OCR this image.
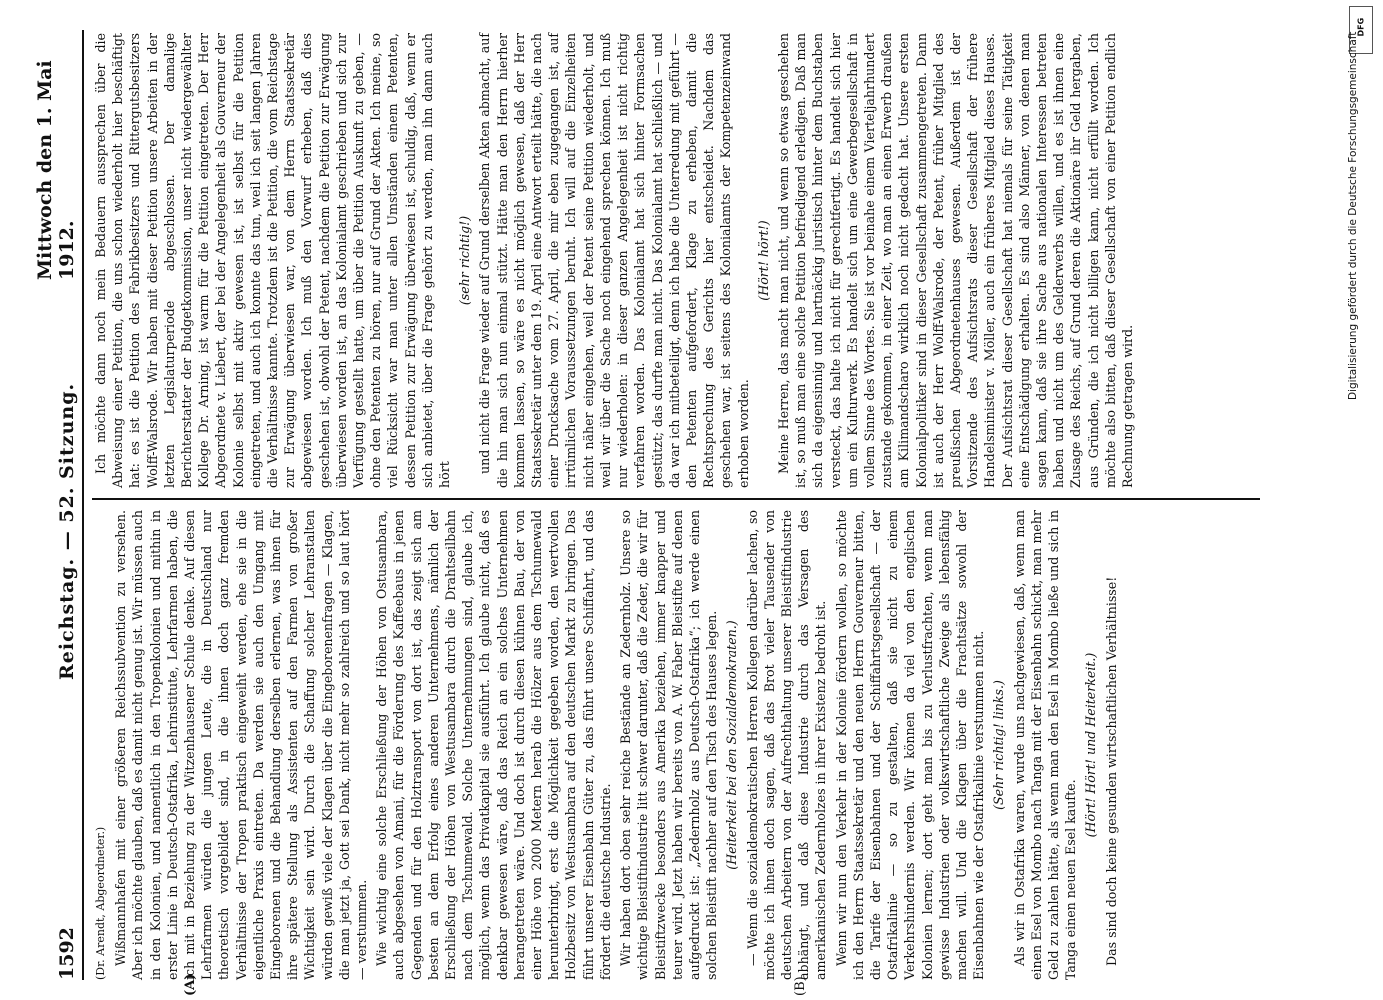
1592
Reichstag. — 52. Sitzung.
Mittwoch den 1. Mai 1912.
(A)	(B)

(Dr. Arendt, Abgeordneter.) Wißmannhafen mit einer größeren Reichssubvention zu versehen. Aber ich möchte glauben, daß es damit nicht genug ist. Wir müssen auch in den Kolonien, und namentlich in den Tropenkolonien und mithin in erster Linie in Deutsch-Ostafrika, Lehrinstitute, Lehrfarmen haben, die ich mit in Beziehung zu der Witzenhausener Schule denke. Auf diesen Lehrfarmen würden die jungen Leute, die in Deutschland nur theoretisch vorgebildet sind, in die ihnen doch ganz fremden Verhältnisse der Tropen praktisch eingeweiht werden, ehe sie in die eigentliche Praxis eintreten. Da werden sie auch den Umgang mit Eingeborenen und die Behandlung derselben erlernen, was ihnen für ihre spätere Stellung als Assistenten auf den Farmen von großer Wichtigkeit sein wird. Durch die Schaffung solcher Lehranstalten würden gewiß viele der Klagen über die Eingeborenenfragen — Klagen, die man jetzt ja, Gott sei Dank, nicht mehr so zahlreich und so laut hört — verstummen. Wie wichtig eine solche Erschließung der Höhen von Ostusambara, auch abgesehen von Amani, für die Förderung des Kaffeebaus in jenen Gegenden und für den Holztransport von dort ist, das zeigt sich am besten an dem Erfolg eines anderen Unternehmens, nämlich der Erschließung der Höhen von Westusambara durch die Drahtseilbahn nach dem Tschumewald. Solche Unternehmungen sind, glaube ich, möglich, wenn das Privatkapital sie ausführt. Ich glaube nicht, daß es denkbar gewesen wäre, daß das Reich an ein solches Unternehmen herangetreten wäre. Und doch ist durch diesen kühnen Bau, der von einer Höhe von 2000 Metern herab die Hölzer aus dem Tschumewald herunterbringt, erst die Möglichkeit gegeben worden, den wertvollen Holzbesitz von Westusambara auf den deutschen Markt zu bringen. Das führt unserer Eisenbahn Güter zu, das führt unsere Schiffahrt, und das fördert die deutsche Industrie. Wir haben dort oben sehr reiche Bestände an Zedernholz. Unsere so wichtige Bleistiftindustrie litt schwer darunter, daß die Zeder, die wir für Bleistiftzwecke besonders aus Amerika beziehen, immer knapper und teurer wird. Jetzt haben wir bereits von A. W. Faber Bleistifte auf denen aufgedruckt ist: „Zedernholz aus Deutsch-Ostafrika“; ich werde einen solchen Bleistift nachher auf den Tisch des Hauses legen. (Heiterkeit bei den Sozialdemokraten.) — Wenn die sozialdemokratischen Herren Kollegen darüber lachen, so möchte ich ihnen doch sagen, daß das Brot vieler Tausender von deutschen Arbeitern von der Aufrechthaltung unserer Bleistiftindustrie abhängt, und daß diese Industrie durch das Versagen des amerikanischen Zedernholzes in ihrer Existenz bedroht ist. Wenn wir nun den Verkehr in der Kolonie fördern wollen, so möchte ich den Herrn Staatssekretär und den neuen Herrn Gouverneur bitten, die Tarife der Eisenbahnen und der Schiffahrtsgesellschaft — der Ostafrikalinie — so zu gestalten, daß sie nicht zu einem Verkehrshindernis werden. Wir können da viel von den englischen Kolonien lernen; dort geht man bis zu Verlustfrachten, wenn man gewisse Industrien oder volkswirtschaftliche Zweige als lebensfähig machen will. Und die Klagen über die Frachtsätze sowohl der Eisenbahnen wie der Ostafrikalinie verstummen nicht. (Sehr richtig! links.) Als wir in Ostafrika waren, wurde uns nachgewiesen, daß, wenn man einen Esel von Mombo nach Tanga mit der Eisenbahn schickt, man mehr Geld zu zahlen hätte, als wenn man den Esel in Mombo ließe und sich in Tanga einen neuen Esel kaufte.

(Hört! Hört! und Heiterkeit.) Das sind doch keine gesunden wirtschaftlichen Verhältnisse!

Ich möchte dann noch mein Bedauern aussprechen über die Abweisung einer Petition, die uns schon wiederholt hier beschäftigt hat: es ist die Petition des Fabrikbesitzers und Rittergutsbesitzers Wolff-Walsrode. Wir haben mit dieser Petition unsere Arbeiten in der letzten Legislaturperiode abgeschlossen. Der damalige Berichterstatter der Budgetkommission, unser nicht wiedergewählter Kollege Dr. Arning, ist warm für die Petition eingetreten. Der Herr Abgeordnete v. Liebert, der bei der Angelegenheit als Gouverneur der Kolonie selbst mit aktiv gewesen ist, ist selbst für die Petition eingetreten, und auch ich konnte das tun, weil ich seit langen Jahren die Verhältnisse kannte. Trotzdem ist die Petition, die vom Reichstage zur Erwägung überwiesen war, von dem Herrn Staatssekretär abgewiesen worden. Ich muß den Vorwurf erheben, daß dies geschehen ist, obwohl der Petent, nachdem die Petition zur Erwägung überwiesen worden ist, an das Kolonialamt geschrieben und sich zur Verfügung gestellt hatte, um über die Petition Auskunft zu geben, — ohne den Petenten zu hören, nur auf Grund der Akten. Ich meine, so viel Rücksicht war man unter allen Umständen einem Petenten, dessen Petition zur Erwägung überwiesen ist, schuldig, daß, wenn er sich anbietet, über die Frage gehört zu werden, man ihn dann auch hört

(sehr richtig!) und nicht die Frage wieder auf Grund derselben Akten abmacht, auf die hin man sich nun einmal stützt. Hätte man den Herrn hierher kommen lassen, so wäre es nicht möglich gewesen, daß der Herr Staatssekretär unter dem 19. April eine Antwort erteilt hätte, die nach einer Drucksache vom 27. April, die mir eben zugegangen ist, auf irrtümlichen Voraussetzungen beruht. Ich will auf die Einzelheiten nicht näher eingehen, weil der Petent seine Petition wiederholt, und weil wir über die Sache noch eingehend sprechen können. Ich muß nur wiederholen: in dieser ganzen Angelegenheit ist nicht richtig verfahren worden. Das Kolonialamt hat sich hinter Formsachen gestützt; das durfte man nicht. Das Kolonialamt hat schließlich — und da war ich mitbeteiligt, denn ich habe die Unterredung mit geführt — den Petenten aufgefordert, Klage zu erheben, damit die Rechtsprechung des Gerichts hier entscheidet. Nachdem das geschehen war, ist seitens des Kolonialamts der Kompetenzeinwand erhoben worden.

(Hört! hört!) Meine Herren, das macht man nicht, und wenn so etwas geschehen ist, so muß man eine solche Petition befriedigend erledigen. Daß man sich da eigensinnig und hartnäckig juristisch hinter dem Buchstaben versteckt, das halte ich nicht für gerechtfertigt. Es handelt sich hier um ein Kulturwerk. Es handelt sich um eine Gewerbegesellschaft in vollem Sinne des Wortes. Sie ist vor beinahe einem Vierteljahrhundert zustande gekommen, in einer Zeit, wo man an einen Erwerb draußen am Kilimandscharo wirklich noch nicht gedacht hat. Unsere ersten Kolonialpolitiker sind in dieser Gesellschaft zusammengetreten. Dann ist auch der Herr Wolff-Walsrode, der Petent, früher Mitglied des preußischen Abgeordnetenhauses gewesen. Außerdem ist der Vorsitzende des Aufsichtsrats dieser Gesellschaft der frühere Handelsminister v. Möller, auch ein früheres Mitglied dieses Hauses. Der Aufsichtsrat dieser Gesellschaft hat niemals für seine Tätigkeit eine Entschädigung erhalten. Es sind also Männer, von denen man sagen kann, daß sie ihre Sache aus nationalen Interessen betreten haben und nicht um des Gelderwerbs willen, und es ist ihnen eine Zusage des Reichs, auf Grund deren die Aktionäre ihr Geld hergaben, aus Gründen, die ich nicht billigen kann, nicht erfüllt worden. Ich möchte also bitten, daß dieser Gesellschaft von einer Petition endlich Rechnung getragen wird.

DFG
Digitalisierung gefördert durch die Deutsche Forschungsgemeinschaft
